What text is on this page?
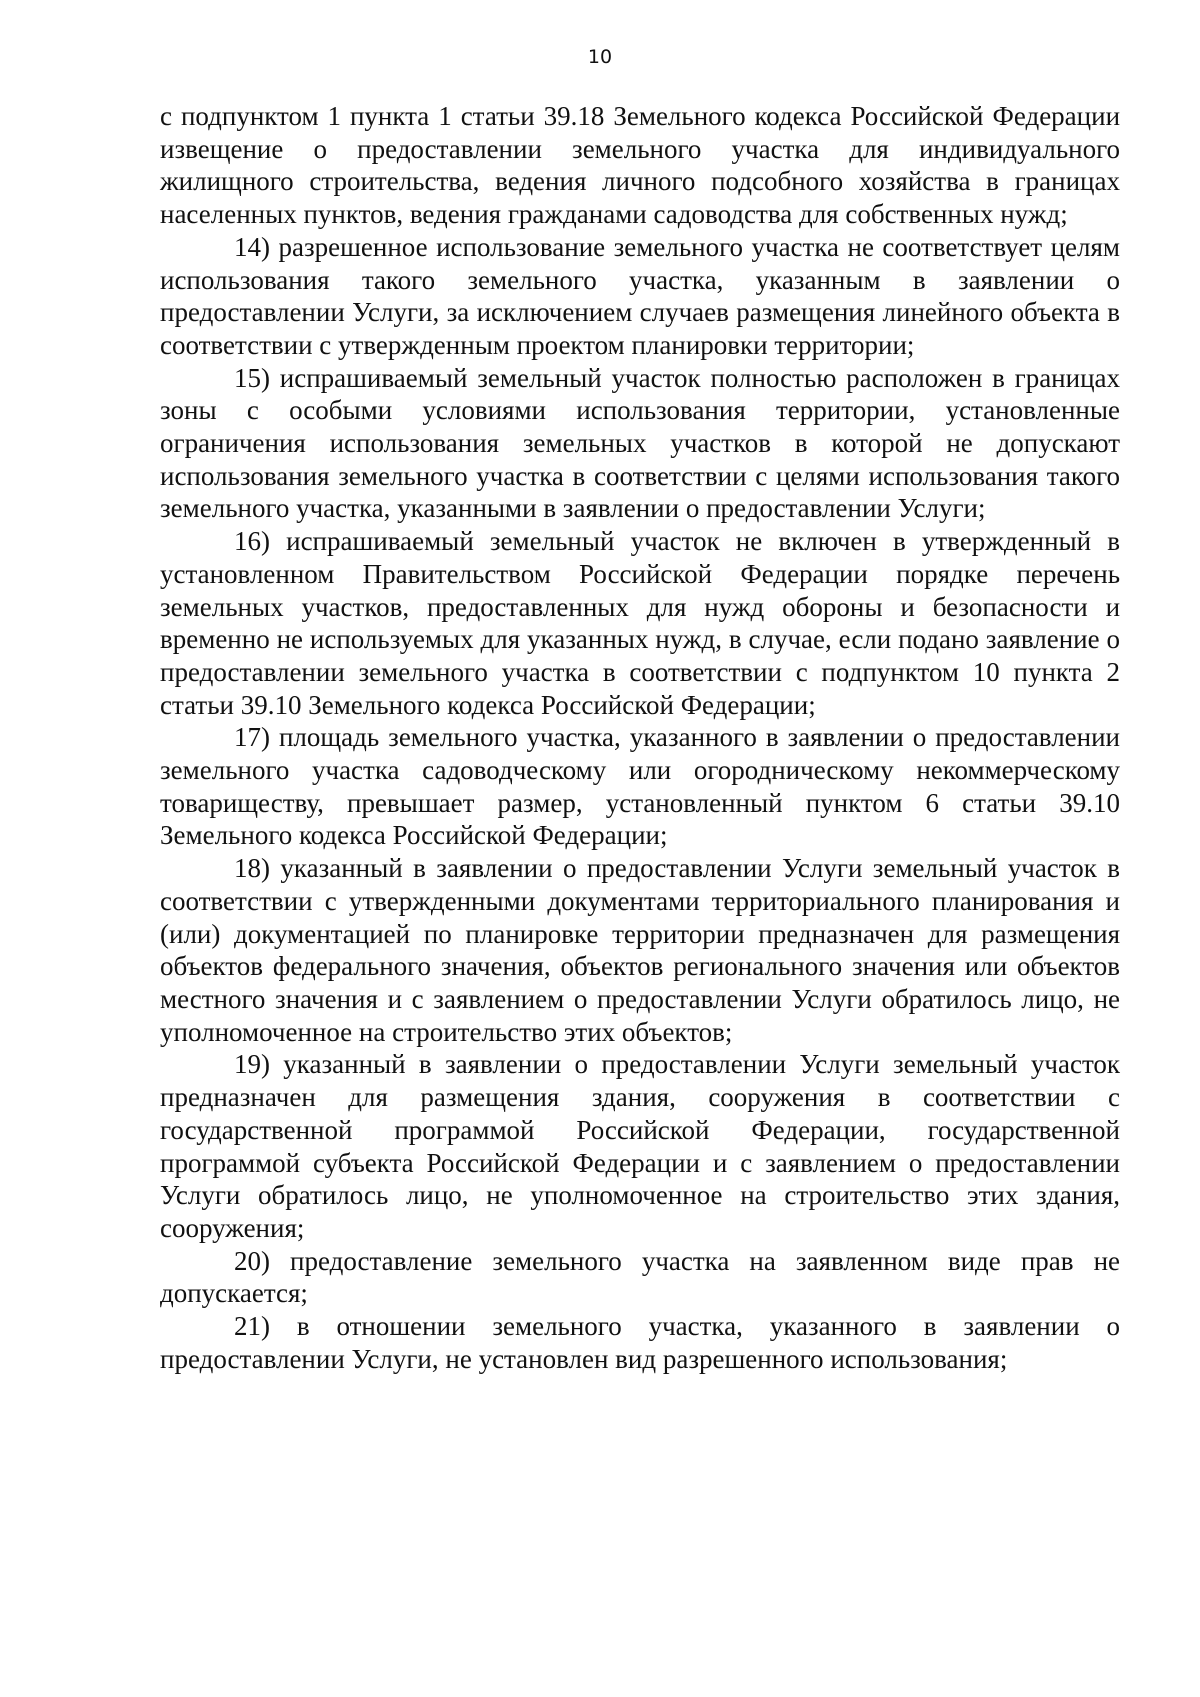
10

с подпунктом 1 пункта 1 статьи 39.18 Земельного кодекса Российской Федерации извещение о предоставлении земельного участка для индивидуального жилищного строительства, ведения личного подсобного хозяйства в границах населенных пунктов, ведения гражданами садоводства для собственных нужд;

14) разрешенное использование земельного участка не соответствует целям использования такого земельного участка, указанным в заявлении о предоставлении Услуги, за исключением случаев размещения линейного объекта в соответствии с утвержденным проектом планировки территории;

15) испрашиваемый земельный участок полностью расположен в границах зоны с особыми условиями использования территории, установленные ограничения использования земельных участков в которой не допускают использования земельного участка в соответствии с целями использования такого земельного участка, указанными в заявлении о предоставлении Услуги;

16) испрашиваемый земельный участок не включен в утвержденный в установленном Правительством Российской Федерации порядке перечень земельных участков, предоставленных для нужд обороны и безопасности и временно не используемых для указанных нужд, в случае, если подано заявление о предоставлении земельного участка в соответствии с подпунктом 10 пункта 2 статьи 39.10 Земельного кодекса Российской Федерации;

17) площадь земельного участка, указанного в заявлении о предоставлении земельного участка садоводческому или огородническому некоммерческому товариществу, превышает размер, установленный пунктом 6 статьи 39.10 Земельного кодекса Российской Федерации;

18) указанный в заявлении о предоставлении Услуги земельный участок в соответствии с утвержденными документами территориального планирования и (или) документацией по планировке территории предназначен для размещения объектов федерального значения, объектов регионального значения или объектов местного значения и с заявлением о предоставлении Услуги обратилось лицо, не уполномоченное на строительство этих объектов;

19) указанный в заявлении о предоставлении Услуги земельный участок предназначен для размещения здания, сооружения в соответствии с государственной программой Российской Федерации, государственной программой субъекта Российской Федерации и с заявлением о предоставлении Услуги обратилось лицо, не уполномоченное на строительство этих здания, сооружения;

20) предоставление земельного участка на заявленном виде прав не допускается;

21) в отношении земельного участка, указанного в заявлении о предоставлении Услуги, не установлен вид разрешенного использования;
